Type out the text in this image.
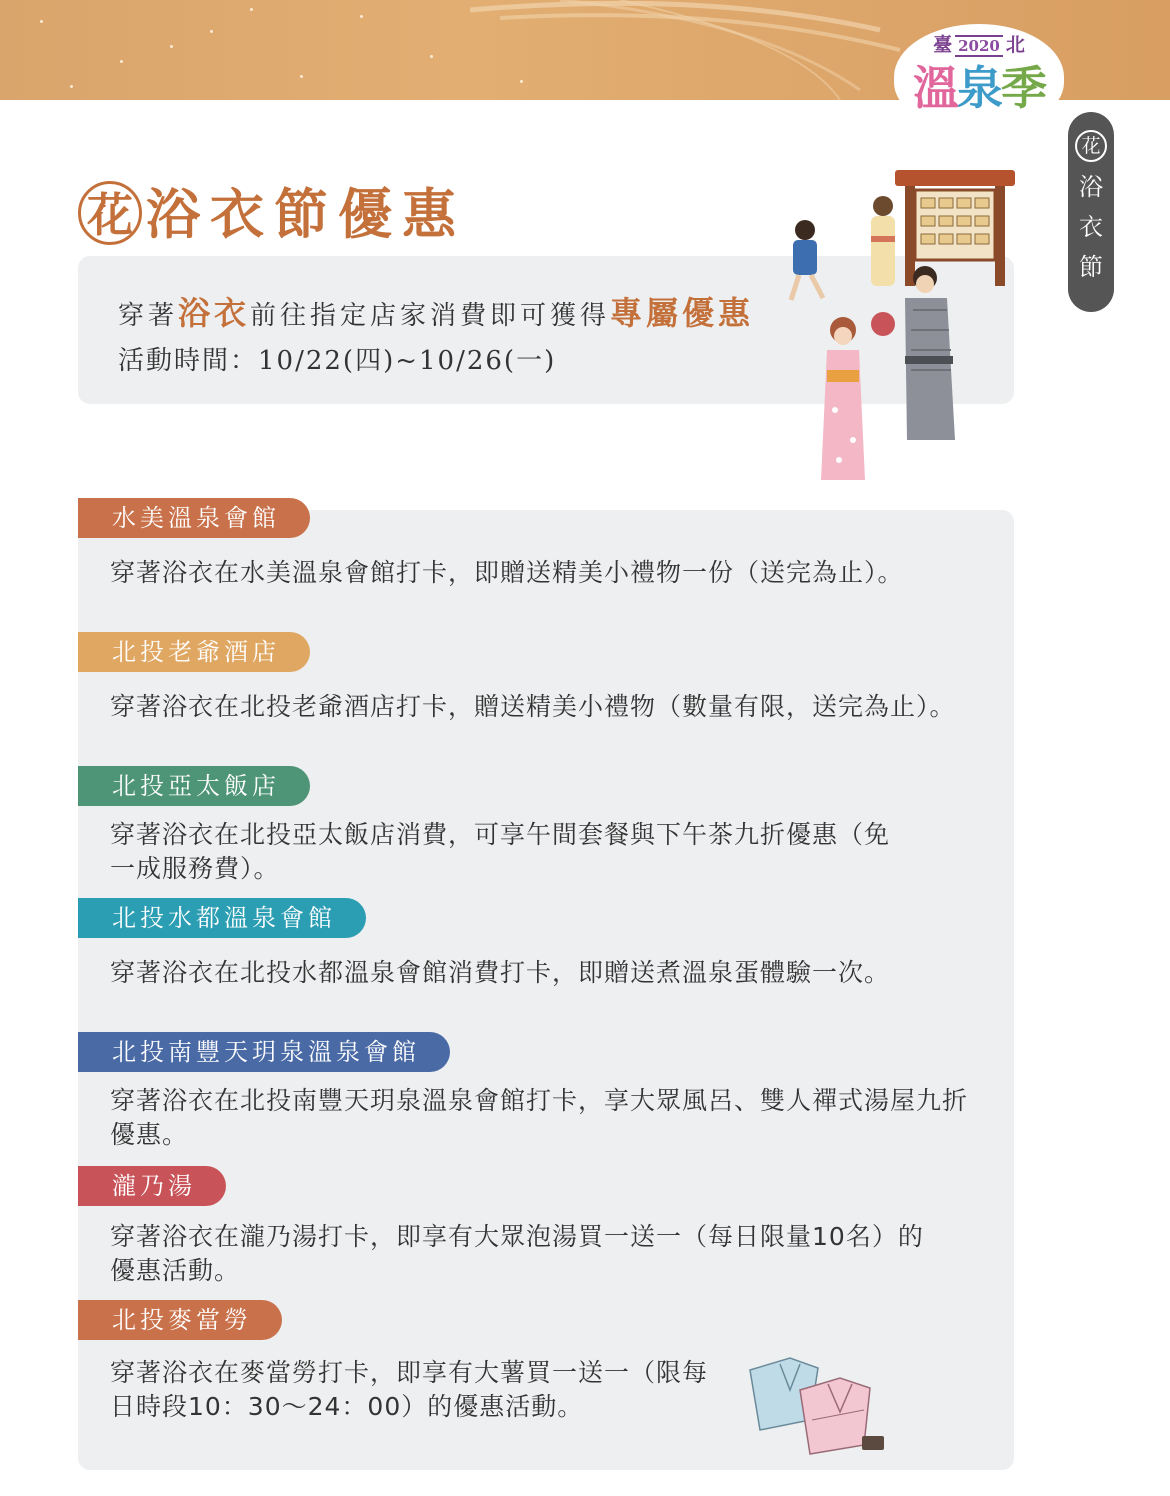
臺 2020 北
溫泉季
花
浴
衣
節
花 浴衣節優惠
穿著浴衣前往指定店家消費即可獲得專屬優惠
活動時間：10/22(四)~10/26(一)
水美溫泉會館
穿著浴衣在水美溫泉會館打卡，即贈送精美小禮物一份（送完為止）。
北投老爺酒店
穿著浴衣在北投老爺酒店打卡，贈送精美小禮物（數量有限，送完為止）。
北投亞太飯店
穿著浴衣在北投亞太飯店消費，可享午間套餐與下午茶九折優惠（免一成服務費）。
北投水都溫泉會館
穿著浴衣在北投水都溫泉會館消費打卡，即贈送煮溫泉蛋體驗一次。
北投南豐天玥泉溫泉會館
穿著浴衣在北投南豐天玥泉溫泉會館打卡，享大眾風呂、雙人禪式湯屋九折優惠。
瀧乃湯
穿著浴衣在瀧乃湯打卡，即享有大眾泡湯買一送一（每日限量10名）的優惠活動。
北投麥當勞
穿著浴衣在麥當勞打卡，即享有大薯買一送一（限每日時段10：30～24：00）的優惠活動。
